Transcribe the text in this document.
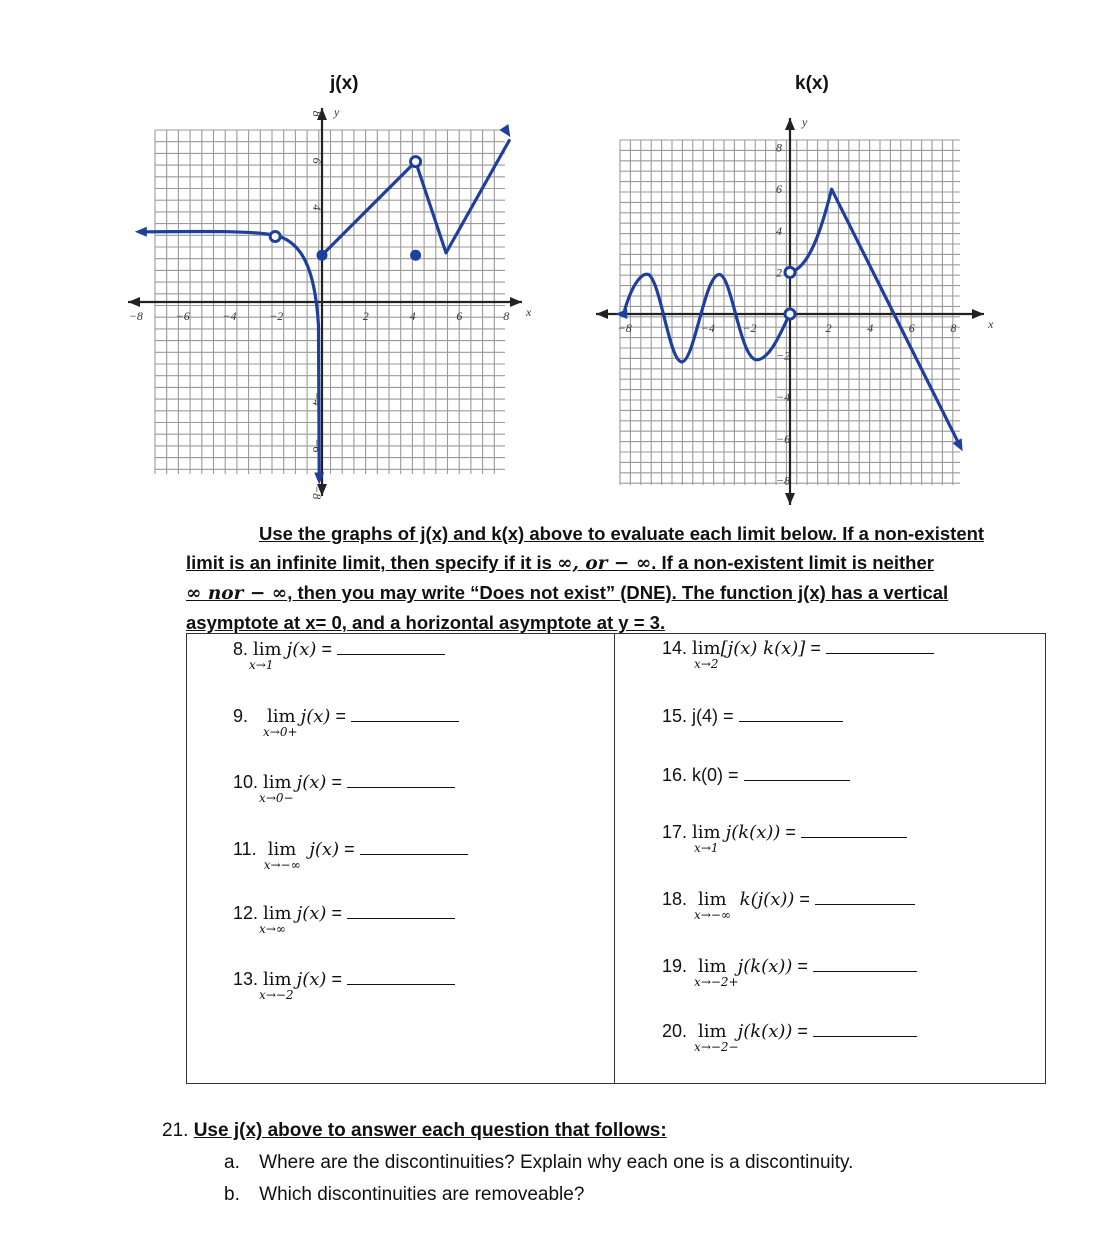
j(x)	k(x)
y
x
−8	−6	−4	−2	2	4	6	8
8
6
4
−4
−6
−8
y
x
−8	−4 −2	2	4	6	8
8
6
4
2
−2
−4
−6
−8

Use the graphs of j(x) and k(x) above to evaluate each limit below. If a non-existent

limit is an infinite limit, then specify if it is ∞, or − ∞. If a non-existent limit is neither

∞ nor − ∞, then you may write “Does not exist” (DNE). The function j(x) has a vertical

asymptote at x= 0, and a horizontal asymptote at y = 3.

8. lim
x→1
j(x) =
9. lim
x→0+
j(x) =
10. lim
x→0−
j(x) =
11. lim
x→−∞
j(x) =
12. lim
x→∞
j(x) =
13. lim
x→−2
j(x) =
14. lim
x→2
[j(x) k(x)] =
15. j(4) =
16. k(0) =
17. lim
x→1
j(k(x)) =
18. lim
x→−∞
k(j(x)) =
19. lim
x→−2+
j(k(x)) =
20. lim
x→−2−
j(k(x)) =
21. Use j(x) above to answer each question that follows:
a. Where are the discontinuities? Explain why each one is a discontinuity.
b. Which discontinuities are removeable?
